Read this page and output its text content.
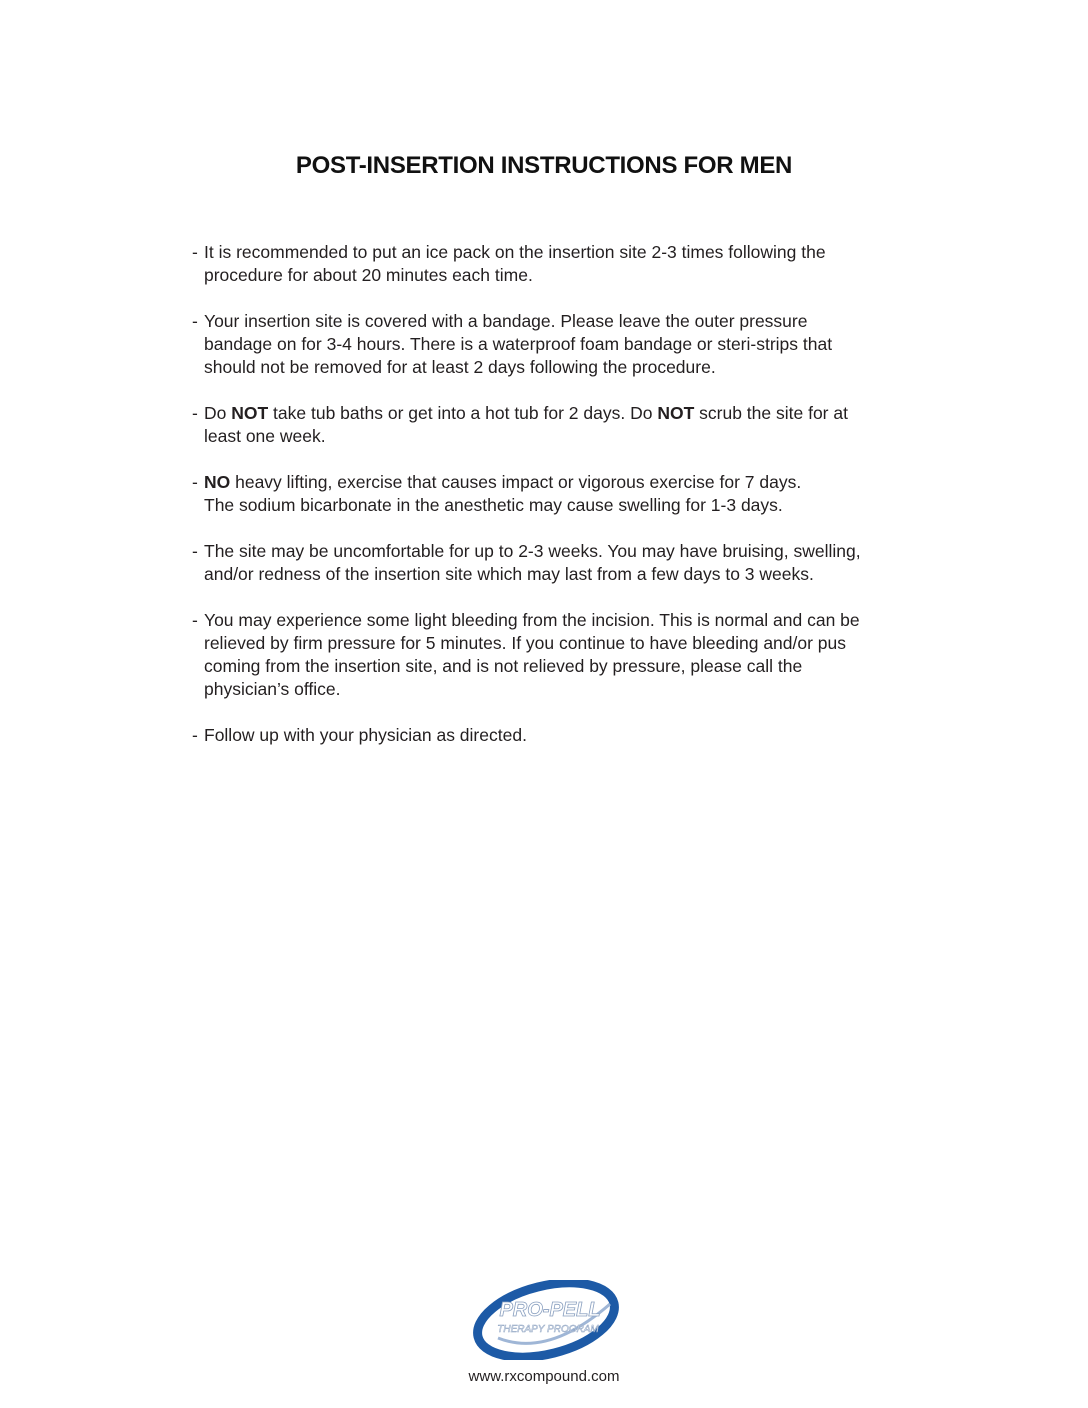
POST-INSERTION INSTRUCTIONS FOR MEN
- It is recommended to put an ice pack on the insertion site 2-3 times following the
procedure for about 20 minutes each time.
- Your insertion site is covered with a bandage. Please leave the outer pressure
bandage on for 3-4 hours. There is a waterproof foam bandage or steri-strips that
should not be removed for at least 2 days following the procedure.
- Do NOT take tub baths or get into a hot tub for 2 days. Do NOT scrub the site for at
least one week.
- NO heavy lifting, exercise that causes impact or vigorous exercise for 7 days.
The sodium bicarbonate in the anesthetic may cause swelling for 1-3 days.
- The site may be uncomfortable for up to 2-3 weeks. You may have bruising, swelling,
and/or redness of the insertion site which may last from a few days to 3 weeks.
- You may experience some light bleeding from the incision. This is normal and can be
relieved by firm pressure for 5 minutes. If you continue to have bleeding and/or pus
coming from the insertion site, and is not relieved by pressure, please call the
physician’s office.
- Follow up with your physician as directed.
PRO-PELL
THERAPY PROGRAM
www.rxcompound.com
